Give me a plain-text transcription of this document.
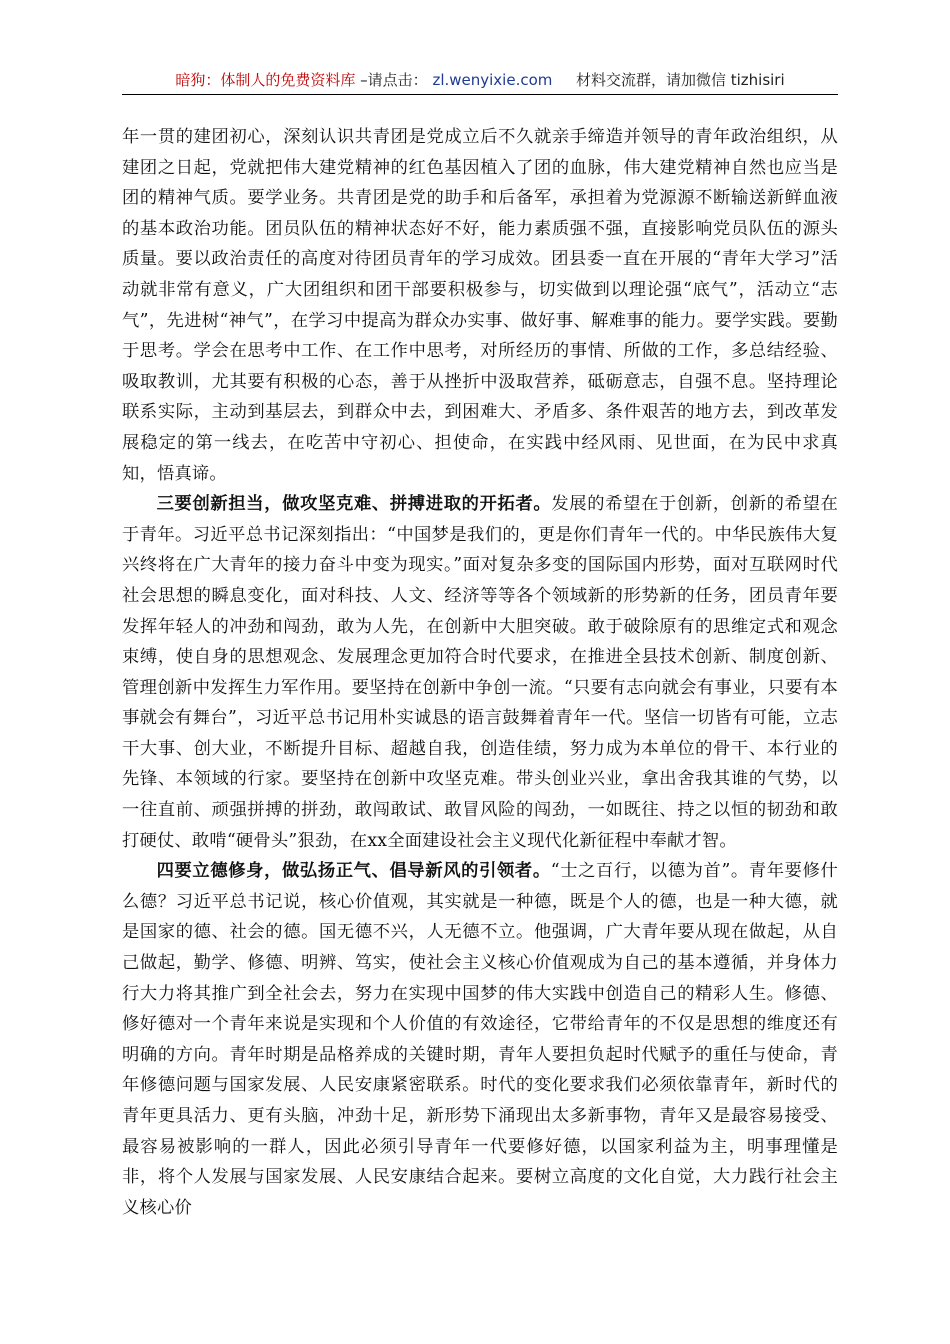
暗狗：体制人的免费资料库 –请点击： zl.wenyixie.com 材料交流群，请加微信 tizhisiri

年一贯的建团初心，深刻认识共青团是党成立后不久就亲手缔造并领导的青年政治组织，从建团之日起，党就把伟大建党精神的红色基因植入了团的血脉，伟大建党精神自然也应当是团的精神气质。要学业务。共青团是党的助手和后备军，承担着为党源源不断输送新鲜血液的基本政治功能。团员队伍的精神状态好不好，能力素质强不强，直接影响党员队伍的源头质量。要以政治责任的高度对待团员青年的学习成效。团县委一直在开展的“青年大学习”活动就非常有意义，广大团组织和团干部要积极参与，切实做到以理论强“底气”，活动立“志气”，先进树“神气”，在学习中提高为群众办实事、做好事、解难事的能力。要学实践。要勤于思考。学会在思考中工作、在工作中思考，对所经历的事情、所做的工作，多总结经验、吸取教训，尤其要有积极的心态，善于从挫折中汲取营养，砥砺意志，自强不息。坚持理论联系实际，主动到基层去，到群众中去，到困难大、矛盾多、条件艰苦的地方去，到改革发展稳定的第一线去，在吃苦中守初心、担使命，在实践中经风雨、见世面，在为民中求真知，悟真谛。

三要创新担当，做攻坚克难、拼搏进取的开拓者。发展的希望在于创新，创新的希望在于青年。习近平总书记深刻指出：“中国梦是我们的，更是你们青年一代的。中华民族伟大复兴终将在广大青年的接力奋斗中变为现实。”面对复杂多变的国际国内形势，面对互联网时代社会思想的瞬息变化，面对科技、人文、经济等等各个领域新的形势新的任务，团员青年要发挥年轻人的冲劲和闯劲，敢为人先，在创新中大胆突破。敢于破除原有的思维定式和观念束缚，使自身的思想观念、发展理念更加符合时代要求，在推进全县技术创新、制度创新、管理创新中发挥生力军作用。要坚持在创新中争创一流。“只要有志向就会有事业，只要有本事就会有舞台”，习近平总书记用朴实诚恳的语言鼓舞着青年一代。坚信一切皆有可能，立志干大事、创大业，不断提升目标、超越自我，创造佳绩，努力成为本单位的骨干、本行业的先锋、本领域的行家。要坚持在创新中攻坚克难。带头创业兴业，拿出舍我其谁的气势，以一往直前、顽强拼搏的拼劲，敢闯敢试、敢冒风险的闯劲，一如既往、持之以恒的韧劲和敢打硬仗、敢啃“硬骨头”狠劲，在xx全面建设社会主义现代化新征程中奉献才智。

四要立德修身，做弘扬正气、倡导新风的引领者。“士之百行，以德为首”。青年要修什么德？习近平总书记说，核心价值观，其实就是一种德，既是个人的德，也是一种大德，就是国家的德、社会的德。国无德不兴，人无德不立。他强调，广大青年要从现在做起，从自己做起，勤学、修德、明辨、笃实，使社会主义核心价值观成为自己的基本遵循，并身体力行大力将其推广到全社会去，努力在实现中国梦的伟大实践中创造自己的精彩人生。修德、修好德对一个青年来说是实现和个人价值的有效途径，它带给青年的不仅是思想的维度还有明确的方向。青年时期是品格养成的关键时期，青年人要担负起时代赋予的重任与使命，青年修德问题与国家发展、人民安康紧密联系。时代的变化要求我们必须依靠青年，新时代的青年更具活力、更有头脑，冲劲十足，新形势下涌现出太多新事物，青年又是最容易接受、最容易被影响的一群人，因此必须引导青年一代要修好德，以国家利益为主，明事理懂是非，将个人发展与国家发展、人民安康结合起来。要树立高度的文化自觉，大力践行社会主义核心价
